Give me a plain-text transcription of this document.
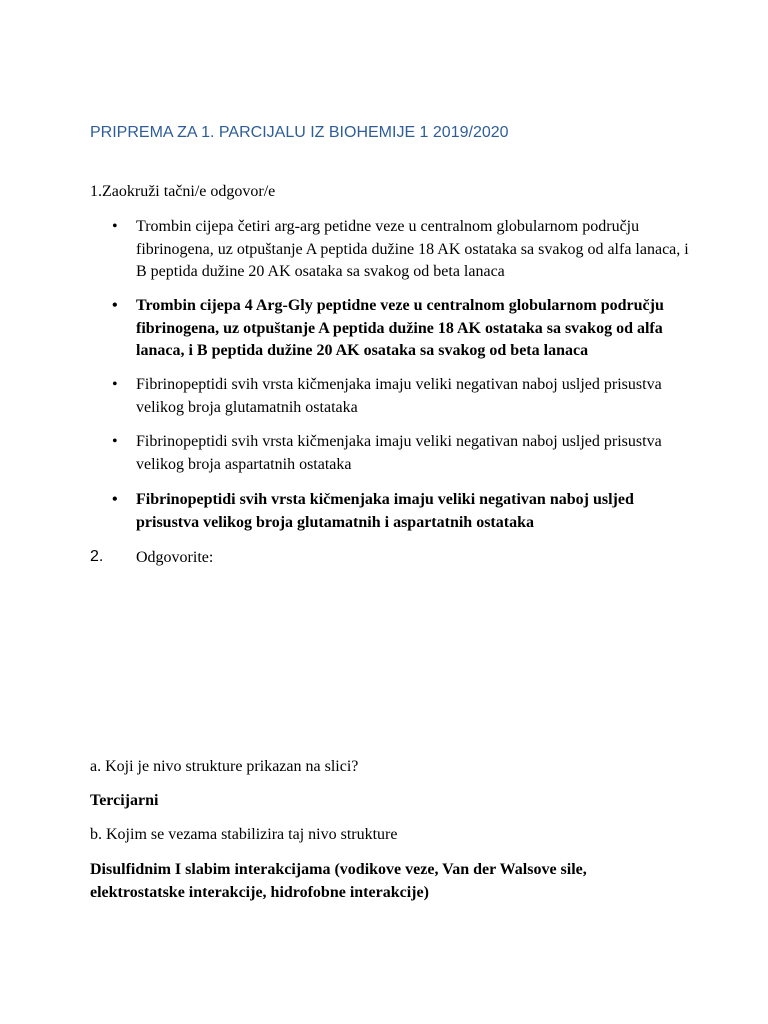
PRIPREMA ZA 1. PARCIJALU IZ BIOHEMIJE 1 2019/2020
1.Zaokruži tačni/e odgovor/e
•	Trombin cijepa četiri arg-arg petidne veze u centralnom globularnom području fibrinogena, uz otpuštanje A peptida dužine 18 AK ostataka sa svakog od alfa lanaca, i B peptida dužine 20 AK osataka sa svakog od beta lanaca
•	Trombin cijepa 4 Arg-Gly peptidne veze u centralnom globularnom području fibrinogena, uz otpuštanje A peptida dužine 18 AK ostataka sa svakog od alfa lanaca, i B peptida dužine 20 AK osataka sa svakog od beta lanaca
•	Fibrinopeptidi svih vrsta kičmenjaka imaju veliki negativan naboj usljed prisustva velikog broja glutamatnih ostataka
•	Fibrinopeptidi svih vrsta kičmenjaka imaju veliki negativan naboj usljed prisustva velikog broja aspartatnih ostataka
•	Fibrinopeptidi svih vrsta kičmenjaka imaju veliki negativan naboj usljed prisustva velikog broja glutamatnih i aspartatnih ostataka
2. Odgovorite:
a. Koji je nivo strukture prikazan na slici?
Tercijarni
b. Kojim se vezama stabilizira taj nivo strukture
Disulfidnim I slabim interakcijama (vodikove veze, Van der Walsove sile, elektrostatske interakcije, hidrofobne interakcije)
